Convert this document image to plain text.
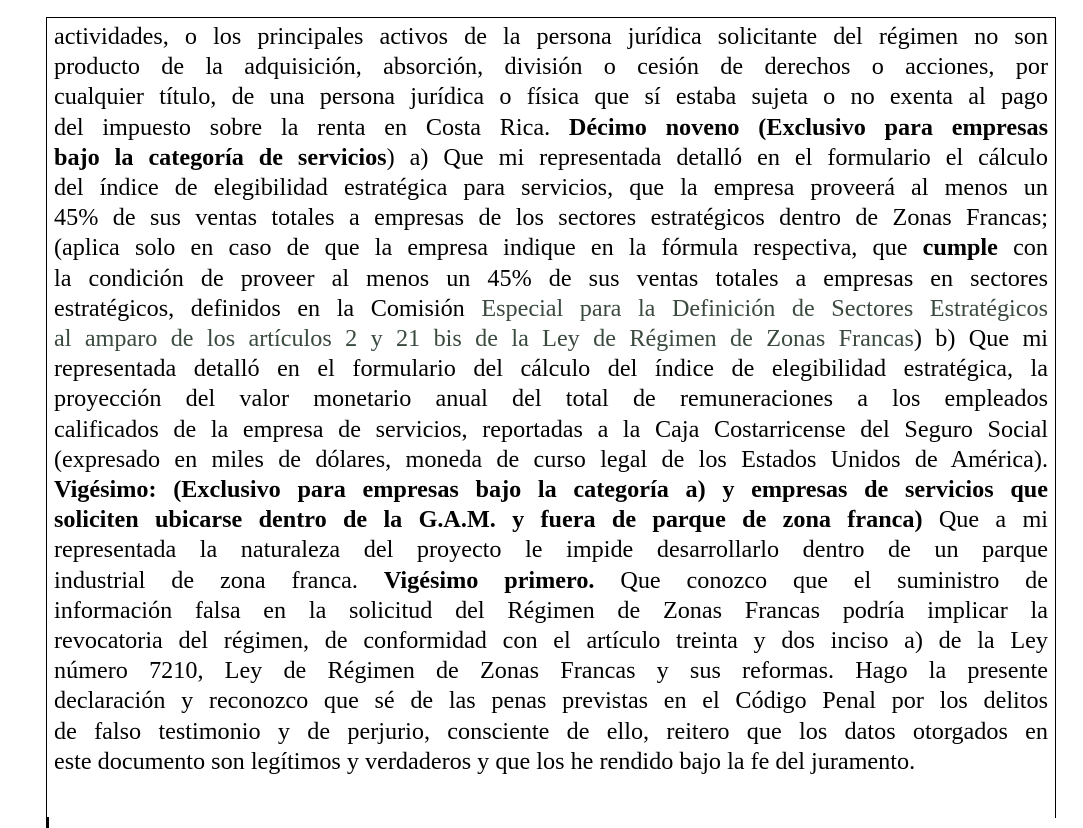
actividades, o los principales activos de la persona jurídica solicitante del régimen no son
producto de la adquisición, absorción, división o cesión de derechos o acciones, por
cualquier título, de una persona jurídica o física que sí estaba sujeta o no exenta al pago
del impuesto sobre la renta en Costa Rica. Décimo noveno (Exclusivo para empresas
bajo la categoría de servicios) a) Que mi representada detalló en el formulario el cálculo
del índice de elegibilidad estratégica para servicios, que la empresa proveerá al menos un
45% de sus ventas totales a empresas de los sectores estratégicos dentro de Zonas Francas;
(aplica solo en caso de que la empresa indique en la fórmula respectiva, que cumple con
la condición de proveer al menos un 45% de sus ventas totales a empresas en sectores
estratégicos, definidos en la Comisión Especial para la Definición de Sectores Estratégicos
al amparo de los artículos 2 y 21 bis de la Ley de Régimen de Zonas Francas) b) Que mi
representada detalló en el formulario del cálculo del índice de elegibilidad estratégica, la
proyección del valor monetario anual del total de remuneraciones a los empleados
calificados de la empresa de servicios, reportadas a la Caja Costarricense del Seguro Social
(expresado en miles de dólares, moneda de curso legal de los Estados Unidos de América).
Vigésimo: (Exclusivo para empresas bajo la categoría a) y empresas de servicios que
soliciten ubicarse dentro de la G.A.M. y fuera de parque de zona franca) Que a mi
representada la naturaleza del proyecto le impide desarrollarlo dentro de un parque
industrial de zona franca. Vigésimo primero. Que conozco que el suministro de
información falsa en la solicitud del Régimen de Zonas Francas podría implicar la
revocatoria del régimen, de conformidad con el artículo treinta y dos inciso a) de la Ley
número 7210, Ley de Régimen de Zonas Francas y sus reformas. Hago la presente
declaración y reconozco que sé de las penas previstas en el Código Penal por los delitos
de falso testimonio y de perjurio, consciente de ello, reitero que los datos otorgados en
este documento son legítimos y verdaderos y que los he rendido bajo la fe del juramento.
